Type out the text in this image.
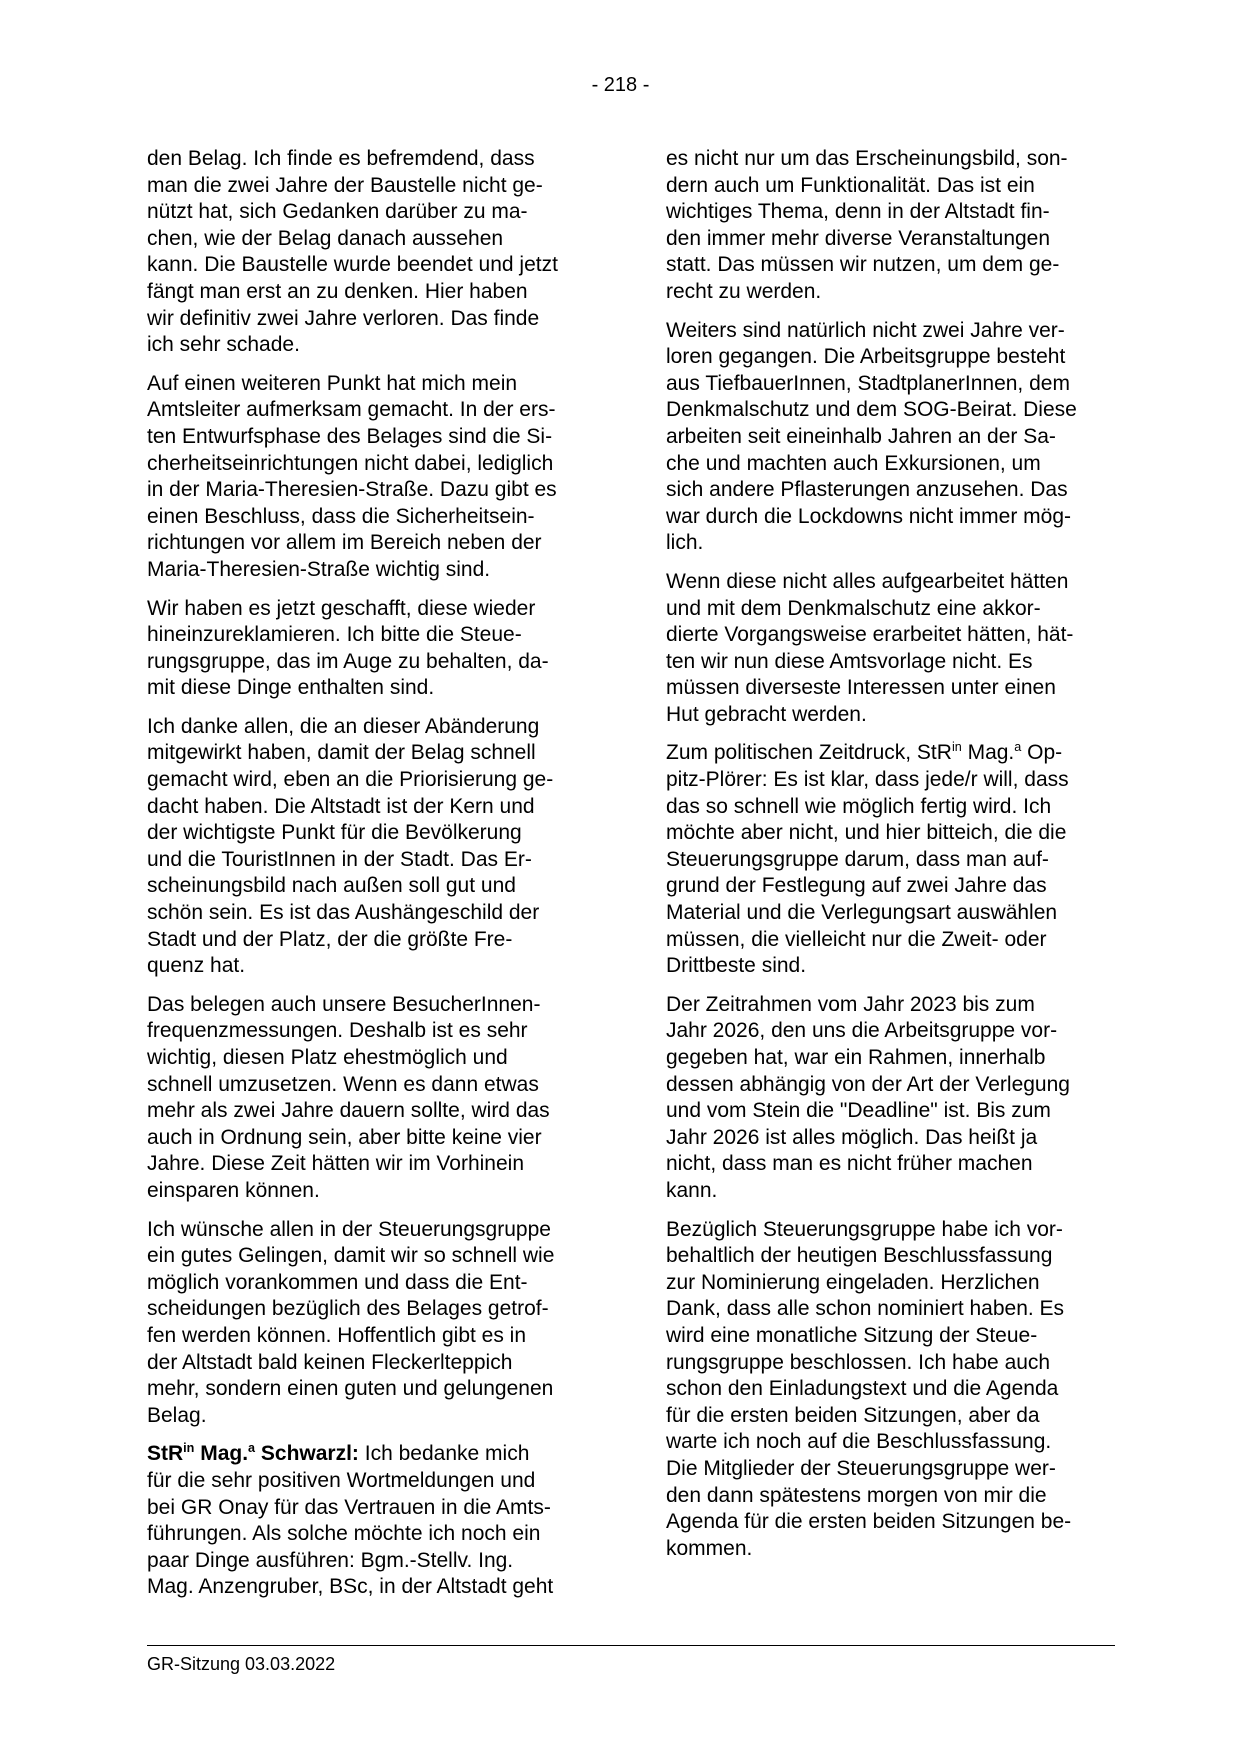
- 218 -

den Belag. Ich finde es befremdend, dass
man die zwei Jahre der Baustelle nicht ge-
nützt hat, sich Gedanken darüber zu ma-
chen, wie der Belag danach aussehen
kann. Die Baustelle wurde beendet und jetzt
fängt man erst an zu denken. Hier haben
wir definitiv zwei Jahre verloren. Das finde
ich sehr schade.

Auf einen weiteren Punkt hat mich mein
Amtsleiter aufmerksam gemacht. In der ers-
ten Entwurfsphase des Belages sind die Si-
cherheitseinrichtungen nicht dabei, lediglich
in der Maria-Theresien-Straße. Dazu gibt es
einen Beschluss, dass die Sicherheitsein-
richtungen vor allem im Bereich neben der
Maria-Theresien-Straße wichtig sind.

Wir haben es jetzt geschafft, diese wieder
hineinzureklamieren. Ich bitte die Steue-
rungsgruppe, das im Auge zu behalten, da-
mit diese Dinge enthalten sind.

Ich danke allen, die an dieser Abänderung
mitgewirkt haben, damit der Belag schnell
gemacht wird, eben an die Priorisierung ge-
dacht haben. Die Altstadt ist der Kern und
der wichtigste Punkt für die Bevölkerung
und die TouristInnen in der Stadt. Das Er-
scheinungsbild nach außen soll gut und
schön sein. Es ist das Aushängeschild der
Stadt und der Platz, der die größte Fre-
quenz hat.

Das belegen auch unsere BesucherInnen-
frequenzmessungen. Deshalb ist es sehr
wichtig, diesen Platz ehestmöglich und
schnell umzusetzen. Wenn es dann etwas
mehr als zwei Jahre dauern sollte, wird das
auch in Ordnung sein, aber bitte keine vier
Jahre. Diese Zeit hätten wir im Vorhinein
einsparen können.

Ich wünsche allen in der Steuerungsgruppe
ein gutes Gelingen, damit wir so schnell wie
möglich vorankommen und dass die Ent-
scheidungen bezüglich des Belages getrof-
fen werden können. Hoffentlich gibt es in
der Altstadt bald keinen Fleckerlteppich
mehr, sondern einen guten und gelungenen
Belag.

StR$^{in}$ Mag.$^a$ Schwarzl: Ich bedanke mich
für die sehr positiven Wortmeldungen und
bei GR Onay für das Vertrauen in die Amts-
führungen. Als solche möchte ich noch ein
paar Dinge ausführen: Bgm.-Stellv. Ing.
Mag. Anzengruber, BSc, in der Altstadt geht

es nicht nur um das Erscheinungsbild, son-
dern auch um Funktionalität. Das ist ein
wichtiges Thema, denn in der Altstadt fin-
den immer mehr diverse Veranstaltungen
statt. Das müssen wir nutzen, um dem ge-
recht zu werden.

Weiters sind natürlich nicht zwei Jahre ver-
loren gegangen. Die Arbeitsgruppe besteht
aus TiefbauerInnen, StadtplanerInnen, dem
Denkmalschutz und dem SOG-Beirat. Diese
arbeiten seit eineinhalb Jahren an der Sa-
che und machten auch Exkursionen, um
sich andere Pflasterungen anzusehen. Das
war durch die Lockdowns nicht immer mög-
lich.

Wenn diese nicht alles aufgearbeitet hätten
und mit dem Denkmalschutz eine akkor-
dierte Vorgangsweise erarbeitet hätten, hät-
ten wir nun diese Amtsvorlage nicht. Es
müssen diverseste Interessen unter einen
Hut gebracht werden.

Zum politischen Zeitdruck, StR$^{in}$ Mag.$^a$ Op-
pitz-Plörer: Es ist klar, dass jede/r will, dass
das so schnell wie möglich fertig wird. Ich
möchte aber nicht, und hier bitteich, die die
Steuerungsgruppe darum, dass man auf-
grund der Festlegung auf zwei Jahre das
Material und die Verlegungsart auswählen
müssen, die vielleicht nur die Zweit- oder
Drittbeste sind.

Der Zeitrahmen vom Jahr 2023 bis zum
Jahr 2026, den uns die Arbeitsgruppe vor-
gegeben hat, war ein Rahmen, innerhalb
dessen abhängig von der Art der Verlegung
und vom Stein die "Deadline" ist. Bis zum
Jahr 2026 ist alles möglich. Das heißt ja
nicht, dass man es nicht früher machen
kann.

Bezüglich Steuerungsgruppe habe ich vor-
behaltlich der heutigen Beschlussfassung
zur Nominierung eingeladen. Herzlichen
Dank, dass alle schon nominiert haben. Es
wird eine monatliche Sitzung der Steue-
rungsgruppe beschlossen. Ich habe auch
schon den Einladungstext und die Agenda
für die ersten beiden Sitzungen, aber da
warte ich noch auf die Beschlussfassung.
Die Mitglieder der Steuerungsgruppe wer-
den dann spätestens morgen von mir die
Agenda für die ersten beiden Sitzungen be-
kommen.

GR-Sitzung 03.03.2022
